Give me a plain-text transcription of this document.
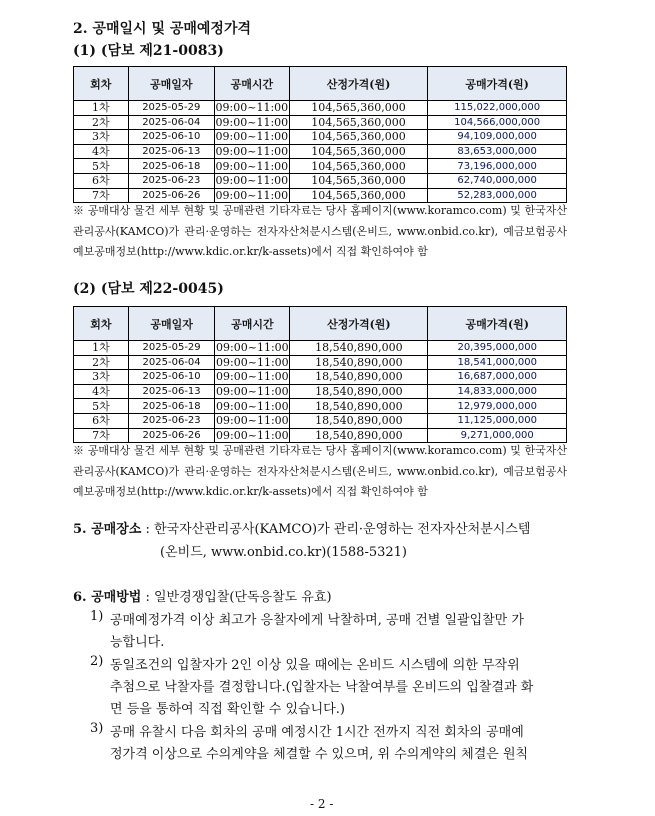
2. 공매일시 및 공매예정가격
(1) (담보 제21-0083)
회차	공매일자	공매시간	산정가격(원)	공매가격(원)
1차	2025-05-29	09:00~11:00	104,565,360,000	115,022,000,000
2차	2025-06-04	09:00~11:00	104,565,360,000	104,566,000,000
3차	2025-06-10	09:00~11:00	104,565,360,000	94,109,000,000
4차	2025-06-13	09:00~11:00	104,565,360,000	83,653,000,000
5차	2025-06-18	09:00~11:00	104,565,360,000	73,196,000,000
6차	2025-06-23	09:00~11:00	104,565,360,000	62,740,000,000
7차	2025-06-26	09:00~11:00	104,565,360,000	52,283,000,000
※ 공매대상 물건 세부 현황 및 공매관련 기타자료는 당사 홈페이지(www.koramco.com) 및 한국자산관리공사(KAMCO)가 관리·운영하는 전자자산처분시스템(온비드, www.onbid.co.kr), 예금보험공사 예보공매정보(http://www.kdic.or.kr/k-assets)에서 직접 확인하여야 함
(2) (담보 제22-0045)
회차	공매일자	공매시간	산정가격(원)	공매가격(원)
1차	2025-05-29	09:00~11:00	18,540,890,000	20,395,000,000
2차	2025-06-04	09:00~11:00	18,540,890,000	18,541,000,000
3차	2025-06-10	09:00~11:00	18,540,890,000	16,687,000,000
4차	2025-06-13	09:00~11:00	18,540,890,000	14,833,000,000
5차	2025-06-18	09:00~11:00	18,540,890,000	12,979,000,000
6차	2025-06-23	09:00~11:00	18,540,890,000	11,125,000,000
7차	2025-06-26	09:00~11:00	18,540,890,000	9,271,000,000
※ 공매대상 물건 세부 현황 및 공매관련 기타자료는 당사 홈페이지(www.koramco.com) 및 한국자산관리공사(KAMCO)가 관리·운영하는 전자자산처분시스템(온비드, www.onbid.co.kr), 예금보험공사 예보공매정보(http://www.kdic.or.kr/k-assets)에서 직접 확인하여야 함
5. 공매장소 : 한국자산관리공사(KAMCO)가 관리·운영하는 전자자산처분시스템
(온비드, www.onbid.co.kr)(1588-5321)
6. 공매방법 : 일반경쟁입찰(단독응찰도 유효)
1) 공매예정가격 이상 최고가 응찰자에게 낙찰하며, 공매 건별 일괄입찰만 가
능합니다.
2) 동일조건의 입찰자가 2인 이상 있을 때에는 온비드 시스템에 의한 무작위
추첨으로 낙찰자를 결정합니다.(입찰자는 낙찰여부를 온비드의 입찰결과 화
면 등을 통하여 직접 확인할 수 있습니다.)
3) 공매 유찰시 다음 회차의 공매 예정시간 1시간 전까지 직전 회차의 공매예
정가격 이상으로 수의계약을 체결할 수 있으며, 위 수의계약의 체결은 원칙
- 2 -
